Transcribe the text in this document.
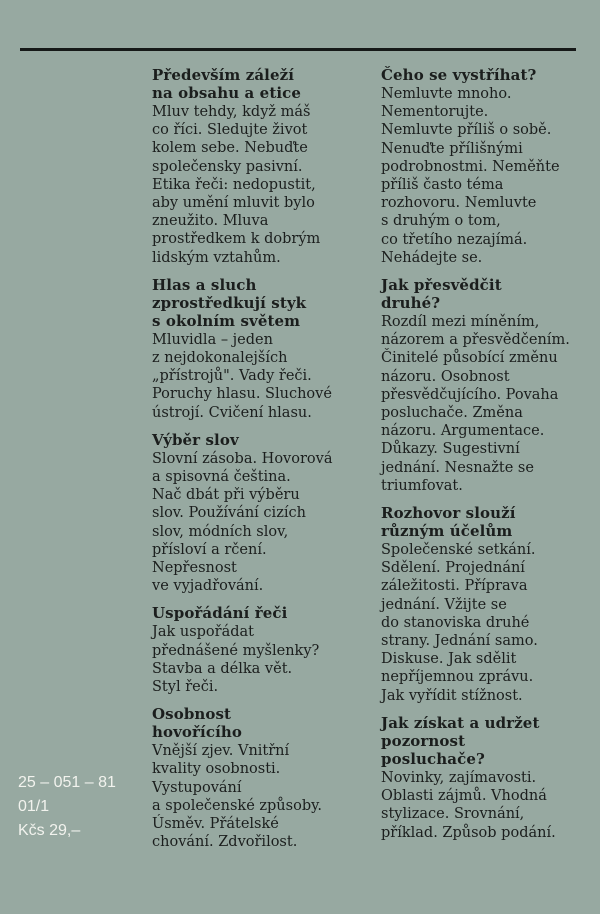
Především záleží
na obsahu a etice
Mluv tehdy, když máš
co říci. Sledujte život
kolem sebe. Nebuďte
společensky pasivní.
Etika řeči: nedopustit,
aby umění mluvit bylo
zneužito. Mluva
prostředkem k dobrým
lidským vztahům.
Hlas a sluch
zprostředkují styk
s okolním světem
Mluvidla – jeden
z nejdokonalejších
„přístrojů". Vady řeči.
Poruchy hlasu. Sluchové
ústrojí. Cvičení hlasu.
Výběr slov
Slovní zásoba. Hovorová
a spisovná čeština.
Nač dbát při výběru
slov. Používání cizích
slov, módních slov,
přísloví a rčení.
Nepřesnost
ve vyjadřování.
Uspořádání řeči
Jak uspořádat
přednášené myšlenky?
Stavba a délka vět.
Styl řeči.
Osobnost
hovořícího
Vnější zjev. Vnitřní
kvality osobnosti.
Vystupování
a společenské způsoby.
Úsměv. Přátelské
chování. Zdvořilost.
Čeho se vystříhat?
Nemluvte mnoho.
Nementorujte.
Nemluvte příliš o sobě.
Nenuďte přílišnými
podrobnostmi. Neměňte
příliš často téma
rozhovoru. Nemluvte
s druhým o tom,
co třetího nezajímá.
Nehádejte se.
Jak přesvědčit
druhé?
Rozdíl mezi míněním,
názorem a přesvědčením.
Činitelé působící změnu
názoru. Osobnost
přesvědčujícího. Povaha
posluchače. Změna
názoru. Argumentace.
Důkazy. Sugestivní
jednání. Nesnažte se
triumfovat.
Rozhovor slouží
různým účelům
Společenské setkání.
Sdělení. Projednání
záležitosti. Příprava
jednání. Vžijte se
do stanoviska druhé
strany. Jednání samo.
Diskuse. Jak sdělit
nepříjemnou zprávu.
Jak vyřídit stížnost.
Jak získat a udržet
pozornost
posluchače?
Novinky, zajímavosti.
Oblasti zájmů. Vhodná
stylizace. Srovnání,
příklad. Způsob podání.
25 – 051 – 81
01/1
Kčs 29,–
